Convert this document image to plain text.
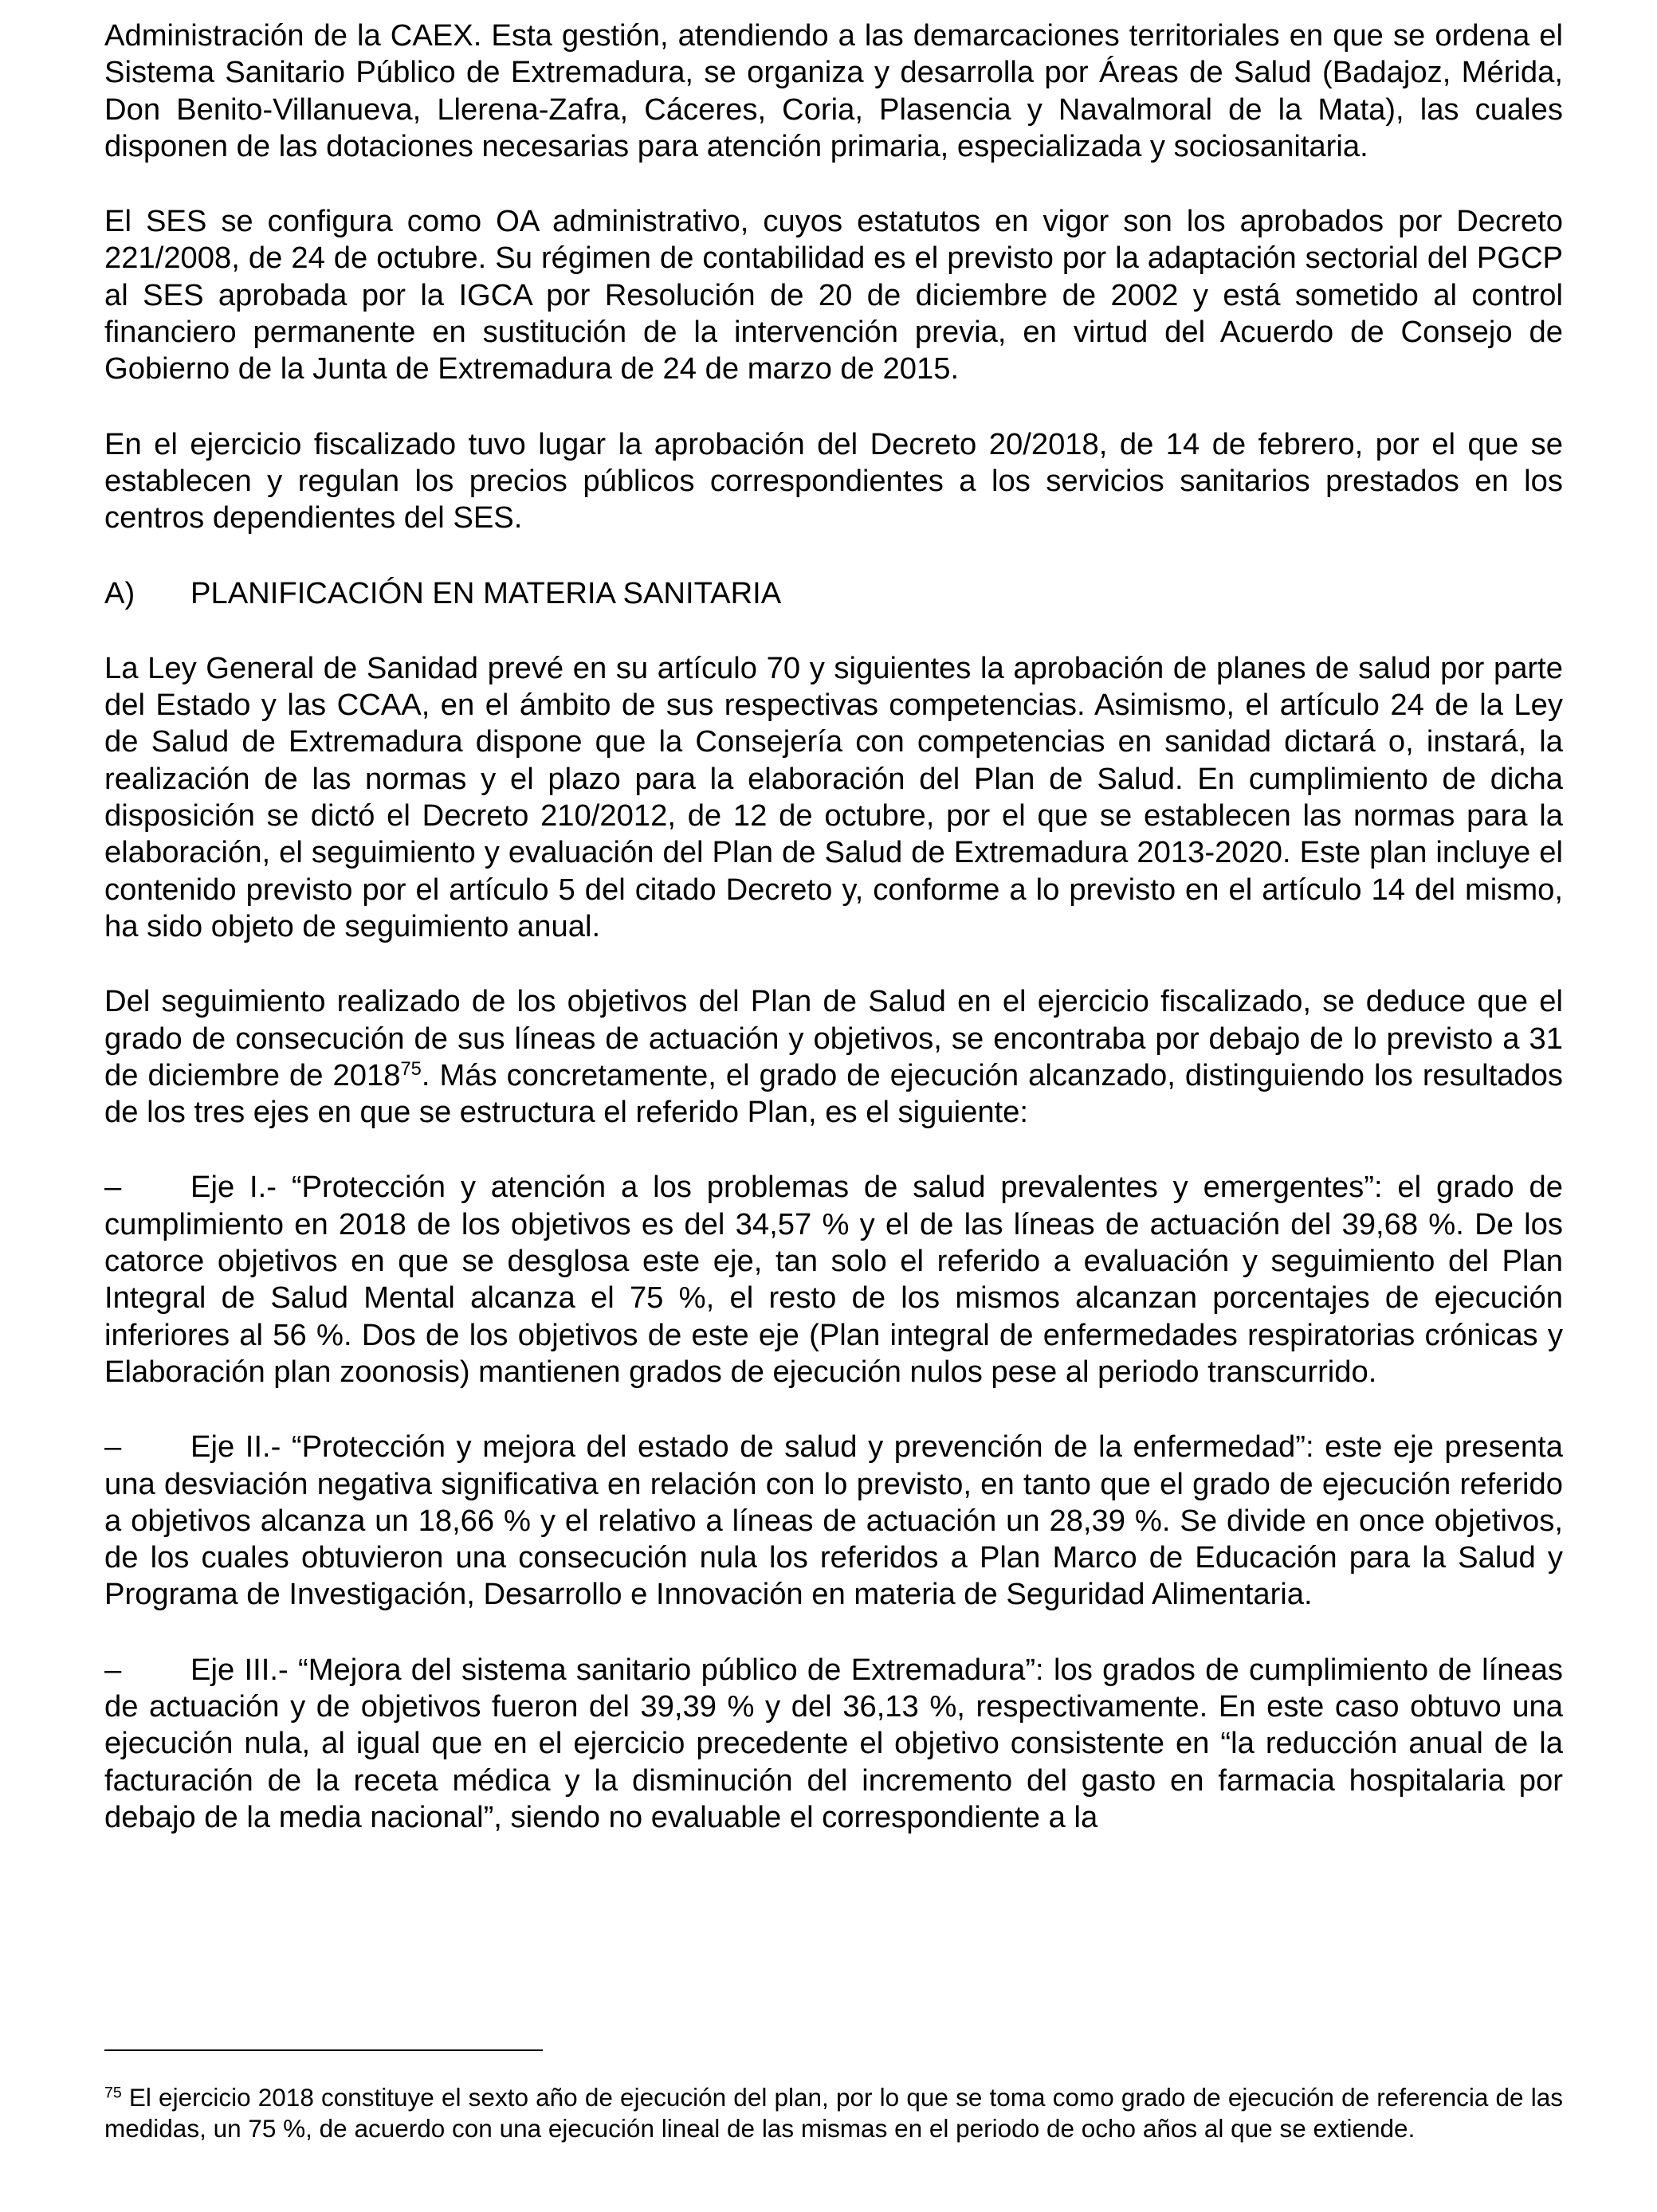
Administración de la CAEX. Esta gestión, atendiendo a las demarcaciones territoriales en que se ordena el Sistema Sanitario Público de Extremadura, se organiza y desarrolla por Áreas de Salud (Badajoz, Mérida, Don Benito-Villanueva, Llerena-Zafra, Cáceres, Coria, Plasencia y Navalmoral de la Mata), las cuales disponen de las dotaciones necesarias para atención primaria, especializada y sociosanitaria.

El SES se configura como OA administrativo, cuyos estatutos en vigor son los aprobados por Decreto 221/2008, de 24 de octubre. Su régimen de contabilidad es el previsto por la adaptación sectorial del PGCP al SES aprobada por la IGCA por Resolución de 20 de diciembre de 2002 y está sometido al control financiero permanente en sustitución de la intervención previa, en virtud del Acuerdo de Consejo de Gobierno de la Junta de Extremadura de 24 de marzo de 2015.

En el ejercicio fiscalizado tuvo lugar la aprobación del Decreto 20/2018, de 14 de febrero, por el que se establecen y regulan los precios públicos correspondientes a los servicios sanitarios prestados en los centros dependientes del SES.

A)	PLANIFICACIÓN EN MATERIA SANITARIA

La Ley General de Sanidad prevé en su artículo 70 y siguientes la aprobación de planes de salud por parte del Estado y las CCAA, en el ámbito de sus respectivas competencias. Asimismo, el artículo 24 de la Ley de Salud de Extremadura dispone que la Consejería con competencias en sanidad dictará o, instará, la realización de las normas y el plazo para la elaboración del Plan de Salud. En cumplimiento de dicha disposición se dictó el Decreto 210/2012, de 12 de octubre, por el que se establecen las normas para la elaboración, el seguimiento y evaluación del Plan de Salud de Extremadura 2013-2020. Este plan incluye el contenido previsto por el artículo 5 del citado Decreto y, conforme a lo previsto en el artículo 14 del mismo, ha sido objeto de seguimiento anual.

Del seguimiento realizado de los objetivos del Plan de Salud en el ejercicio fiscalizado, se deduce que el grado de consecución de sus líneas de actuación y objetivos, se encontraba por debajo de lo previsto a 31 de diciembre de 2018$^{75}$. Más concretamente, el grado de ejecución alcanzado, distinguiendo los resultados de los tres ejes en que se estructura el referido Plan, es el siguiente:

– Eje I.- “Protección y atención a los problemas de salud prevalentes y emergentes”: el grado de cumplimiento en 2018 de los objetivos es del 34,57 % y el de las líneas de actuación del 39,68 %. De los catorce objetivos en que se desglosa este eje, tan solo el referido a evaluación y seguimiento del Plan Integral de Salud Mental alcanza el 75 %, el resto de los mismos alcanzan porcentajes de ejecución inferiores al 56 %. Dos de los objetivos de este eje (Plan integral de enfermedades respiratorias crónicas y Elaboración plan zoonosis) mantienen grados de ejecución nulos pese al periodo transcurrido.

– Eje II.- “Protección y mejora del estado de salud y prevención de la enfermedad”: este eje presenta una desviación negativa significativa en relación con lo previsto, en tanto que el grado de ejecución referido a objetivos alcanza un 18,66 % y el relativo a líneas de actuación un 28,39 %. Se divide en once objetivos, de los cuales obtuvieron una consecución nula los referidos a Plan Marco de Educación para la Salud y Programa de Investigación, Desarrollo e Innovación en materia de Seguridad Alimentaria.

– Eje III.- “Mejora del sistema sanitario público de Extremadura”: los grados de cumplimiento de líneas de actuación y de objetivos fueron del 39,39 % y del 36,13 %, respectivamente. En este caso obtuvo una ejecución nula, al igual que en el ejercicio precedente el objetivo consistente en “la reducción anual de la facturación de la receta médica y la disminución del incremento del gasto en farmacia hospitalaria por debajo de la media nacional”, siendo no evaluable el correspondiente a la

$^{75}$ El ejercicio 2018 constituye el sexto año de ejecución del plan, por lo que se toma como grado de ejecución de referencia de las medidas, un 75 %, de acuerdo con una ejecución lineal de las mismas en el periodo de ocho años al que se extiende.
